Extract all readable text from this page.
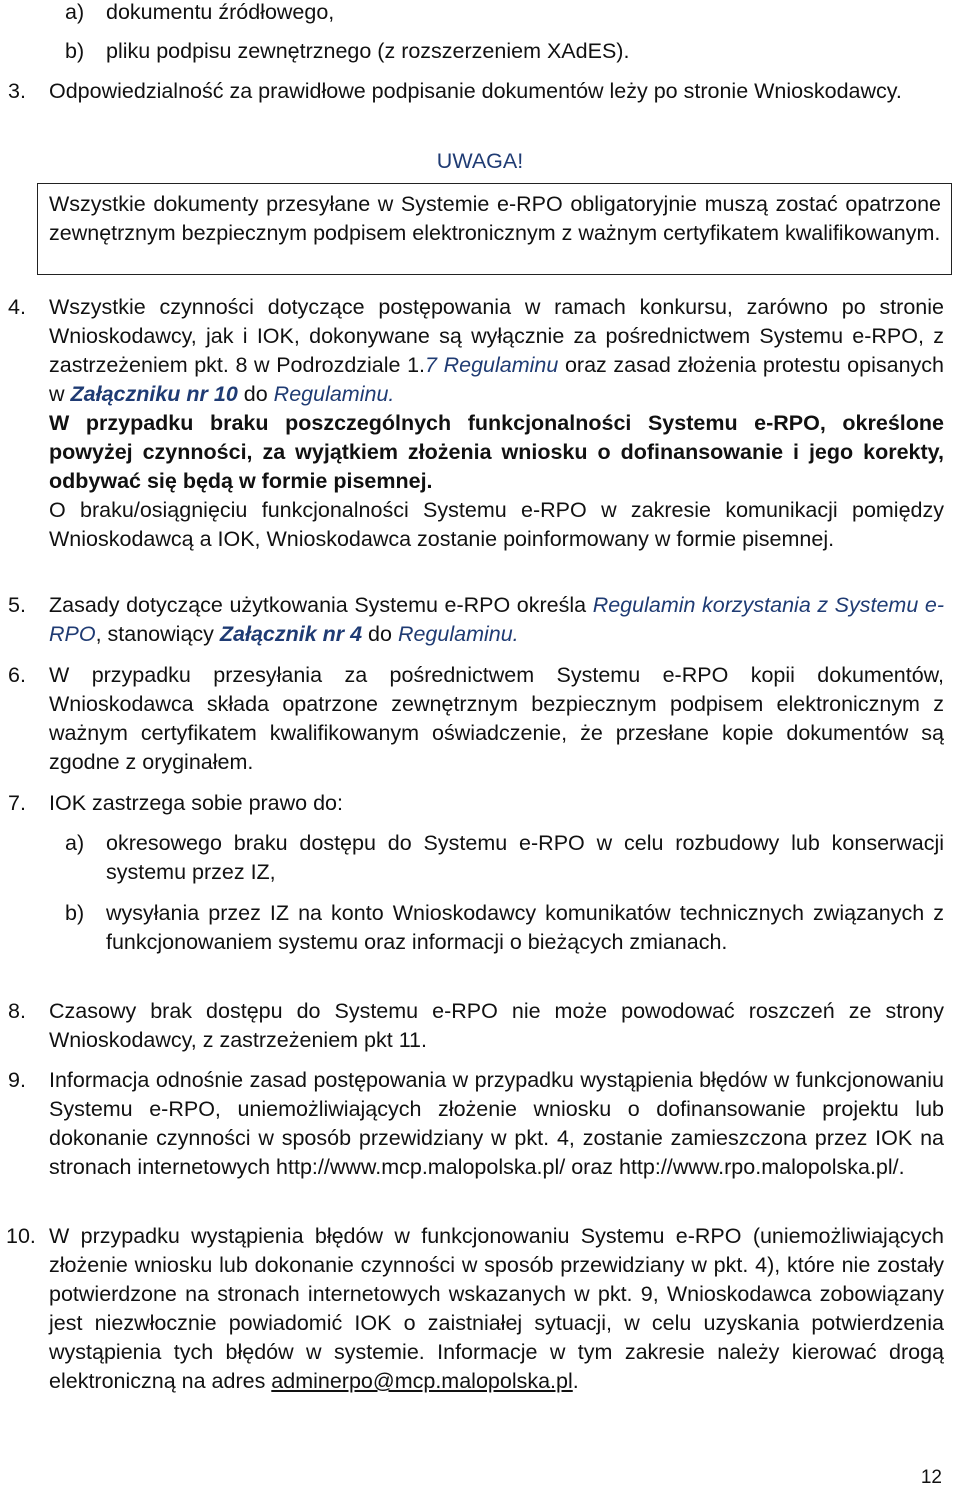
a) dokumentu źródłowego,
b) pliku podpisu zewnętrznego (z rozszerzeniem XAdES).
3. Odpowiedzialność za prawidłowe podpisanie dokumentów leży po stronie Wnioskodawcy.
UWAGA!
Wszystkie dokumenty przesyłane w Systemie e-RPO obligatoryjnie muszą zostać opatrzone zewnętrznym bezpiecznym podpisem elektronicznym z ważnym certyfikatem kwalifikowanym.
4. Wszystkie czynności dotyczące postępowania w ramach konkursu, zarówno po stronie Wnioskodawcy, jak i IOK, dokonywane są wyłącznie za pośrednictwem Systemu e-RPO, z zastrzeżeniem pkt. 8 w Podrozdziale 1.7 Regulaminu oraz zasad złożenia protestu opisanych w Załączniku nr 10 do Regulaminu.
W przypadku braku poszczególnych funkcjonalności Systemu e-RPO, określone powyżej czynności, za wyjątkiem złożenia wniosku o dofinansowanie i jego korekty, odbywać się będą w formie pisemnej.
O braku/osiągnięciu funkcjonalności Systemu e-RPO w zakresie komunikacji pomiędzy Wnioskodawcą a IOK, Wnioskodawca zostanie poinformowany w formie pisemnej.
5. Zasady dotyczące użytkowania Systemu e-RPO określa Regulamin korzystania z Systemu e-RPO, stanowiący Załącznik nr 4 do Regulaminu.
6. W przypadku przesyłania za pośrednictwem Systemu e-RPO kopii dokumentów, Wnioskodawca składa opatrzone zewnętrznym bezpiecznym podpisem elektronicznym z ważnym certyfikatem kwalifikowanym oświadczenie, że przesłane kopie dokumentów są zgodne z oryginałem.
7. IOK zastrzega sobie prawo do:
a) okresowego braku dostępu do Systemu e-RPO w celu rozbudowy lub konserwacji systemu przez IZ,
b) wysyłania przez IZ na konto Wnioskodawcy komunikatów technicznych związanych z funkcjonowaniem systemu oraz informacji o bieżących zmianach.
8. Czasowy brak dostępu do Systemu e-RPO nie może powodować roszczeń ze strony Wnioskodawcy, z zastrzeżeniem pkt 11.
9. Informacja odnośnie zasad postępowania w przypadku wystąpienia błędów w funkcjonowaniu Systemu e-RPO, uniemożliwiających złożenie wniosku o dofinansowanie projektu lub dokonanie czynności w sposób przewidziany w pkt. 4, zostanie zamieszczona przez IOK na stronach internetowych http://www.mcp.malopolska.pl/ oraz http://www.rpo.malopolska.pl/.
10. W przypadku wystąpienia błędów w funkcjonowaniu Systemu e-RPO (uniemożliwiających złożenie wniosku lub dokonanie czynności w sposób przewidziany w pkt. 4), które nie zostały potwierdzone na stronach internetowych wskazanych w pkt. 9, Wnioskodawca zobowiązany jest niezwłocznie powiadomić IOK o zaistniałej sytuacji, w celu uzyskania potwierdzenia wystąpienia tych błędów w systemie. Informacje w tym zakresie należy kierować drogą elektroniczną na adres adminerpo@mcp.malopolska.pl.
12
